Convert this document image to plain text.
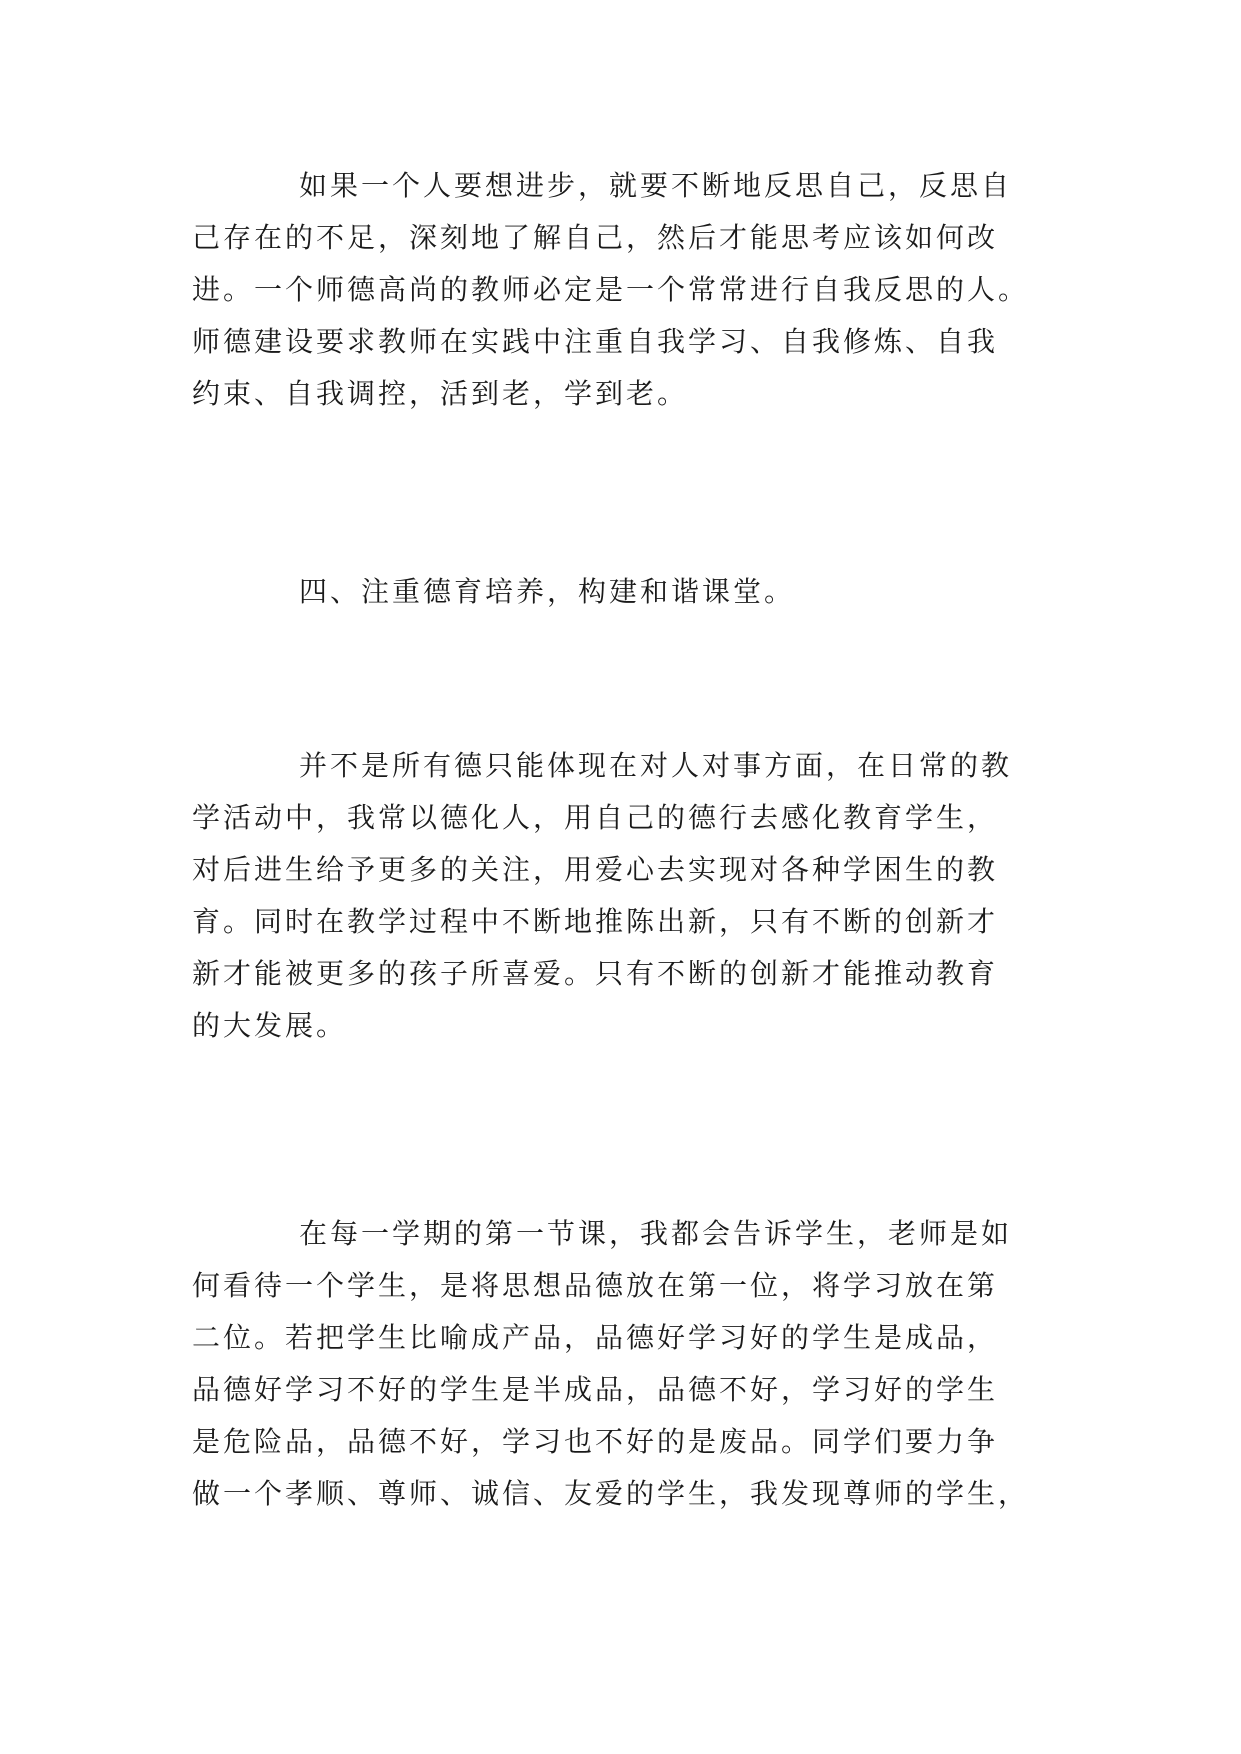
如果一个人要想进步，就要不断地反思自己，反思自
己存在的不足，深刻地了解自己，然后才能思考应该如何改
进。一个师德高尚的教师必定是一个常常进行自我反思的人。
师德建设要求教师在实践中注重自我学习、自我修炼、自我
约束、自我调控，活到老，学到老。
四、注重德育培养，构建和谐课堂。
并不是所有德只能体现在对人对事方面，在日常的教
学活动中，我常以德化人，用自己的德行去感化教育学生，
对后进生给予更多的关注，用爱心去实现对各种学困生的教
育。同时在教学过程中不断地推陈出新，只有不断的创新才
新才能被更多的孩子所喜爱。只有不断的创新才能推动教育
的大发展。
在每一学期的第一节课，我都会告诉学生，老师是如
何看待一个学生，是将思想品德放在第一位，将学习放在第
二位。若把学生比喻成产品，品德好学习好的学生是成品，
品德好学习不好的学生是半成品，品德不好，学习好的学生
是危险品，品德不好，学习也不好的是废品。同学们要力争
做一个孝顺、尊师、诚信、友爱的学生，我发现尊师的学生，
